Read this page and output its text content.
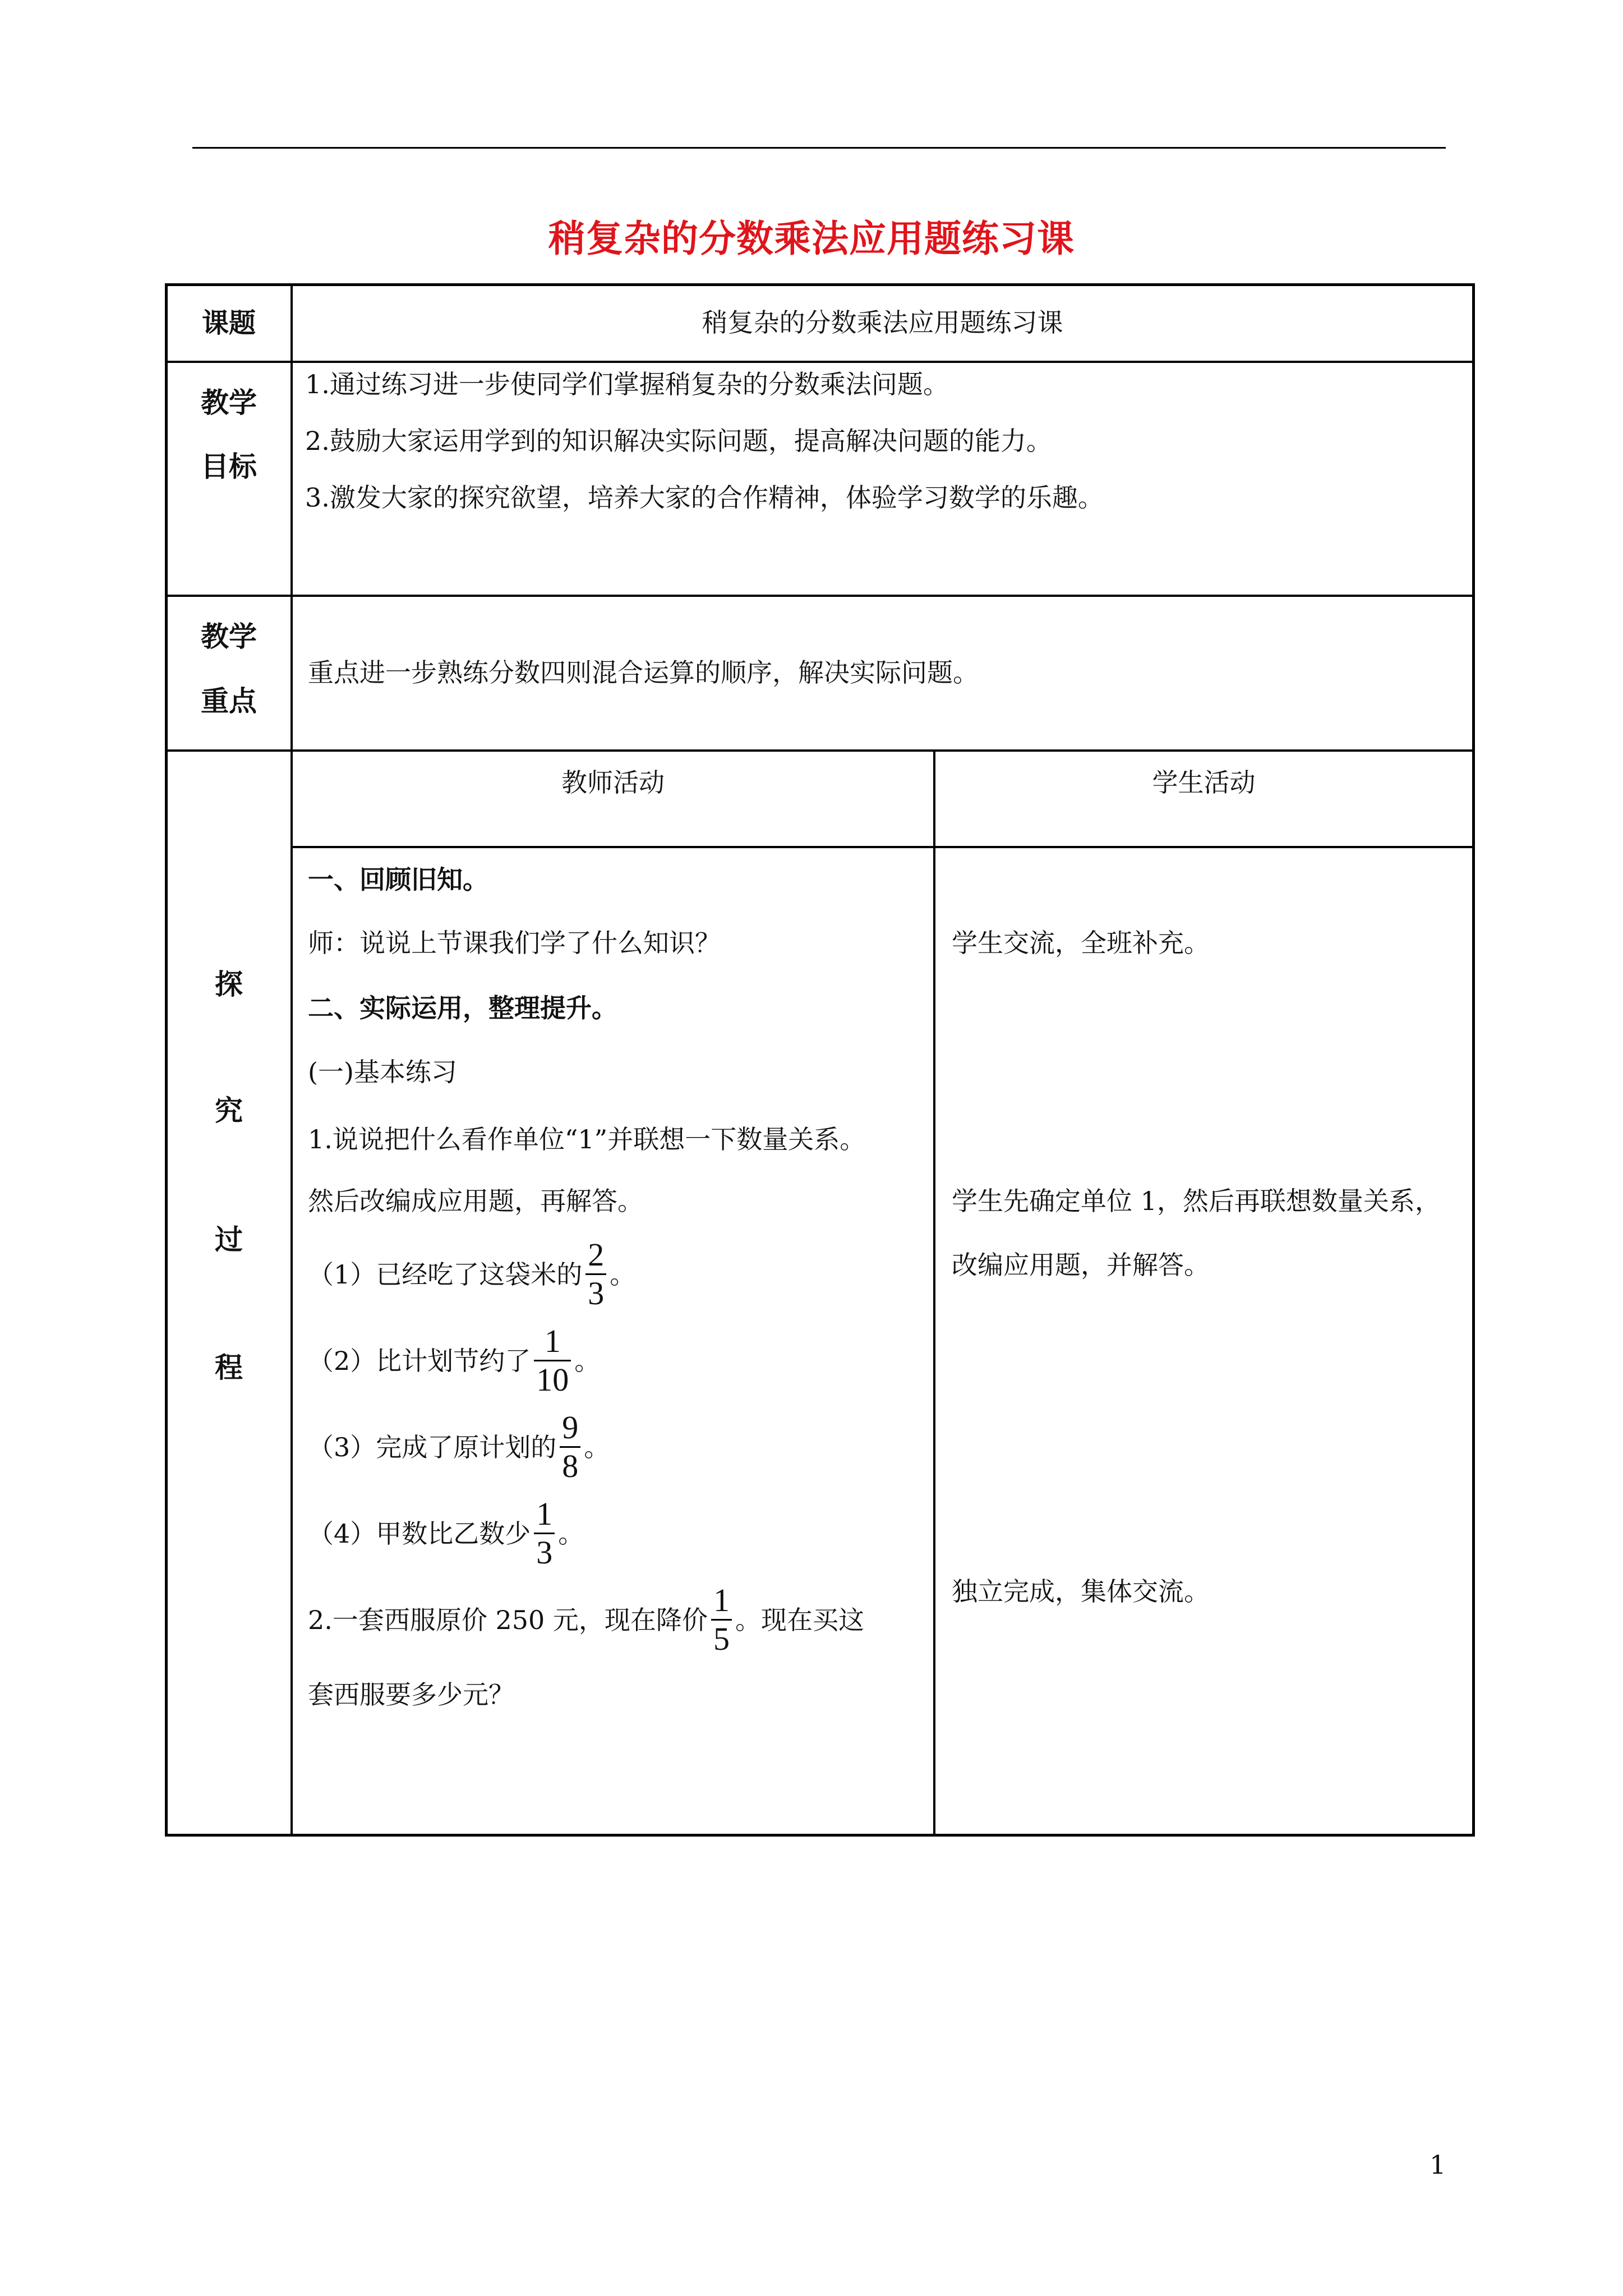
稍复杂的分数乘法应用题练习课
课题	稍复杂的分数乘法应用题练习课
教学
目标
1.通过练习进一步使同学们掌握稍复杂的分数乘法问题。
2.鼓励大家运用学到的知识解决实际问题，提高解决问题的能力。
3.激发大家的探究欲望，培养大家的合作精神，体验学习数学的乐趣。
教学
重点
重点进一步熟练分数四则混合运算的顺序，解决实际问题。
探
究
过
程
教师活动	学生活动
一、回顾旧知。
师：说说上节课我们学了什么知识？
二、实际运用，整理提升。
(一)基本练习
1.说说把什么看作单位“1”并联想一下数量关系。
然后改编成应用题，再解答。
（1）已经吃了这袋米的 $\frac{2}{3}$ 。
（2）比计划节约了 $\frac{1}{10}$ 。
（3）完成了原计划的 $\frac{9}{8}$ 。
（4）甲数比乙数少 $\frac{1}{3}$ 。
2.一套西服原价 250 元，现在降价 $\frac{1}{5}$ 。现在买这
套西服要多少元？
学生交流，全班补充。
学生先确定单位 1，然后再联想数量关系，
改编应用题，并解答。
独立完成，集体交流。
1
